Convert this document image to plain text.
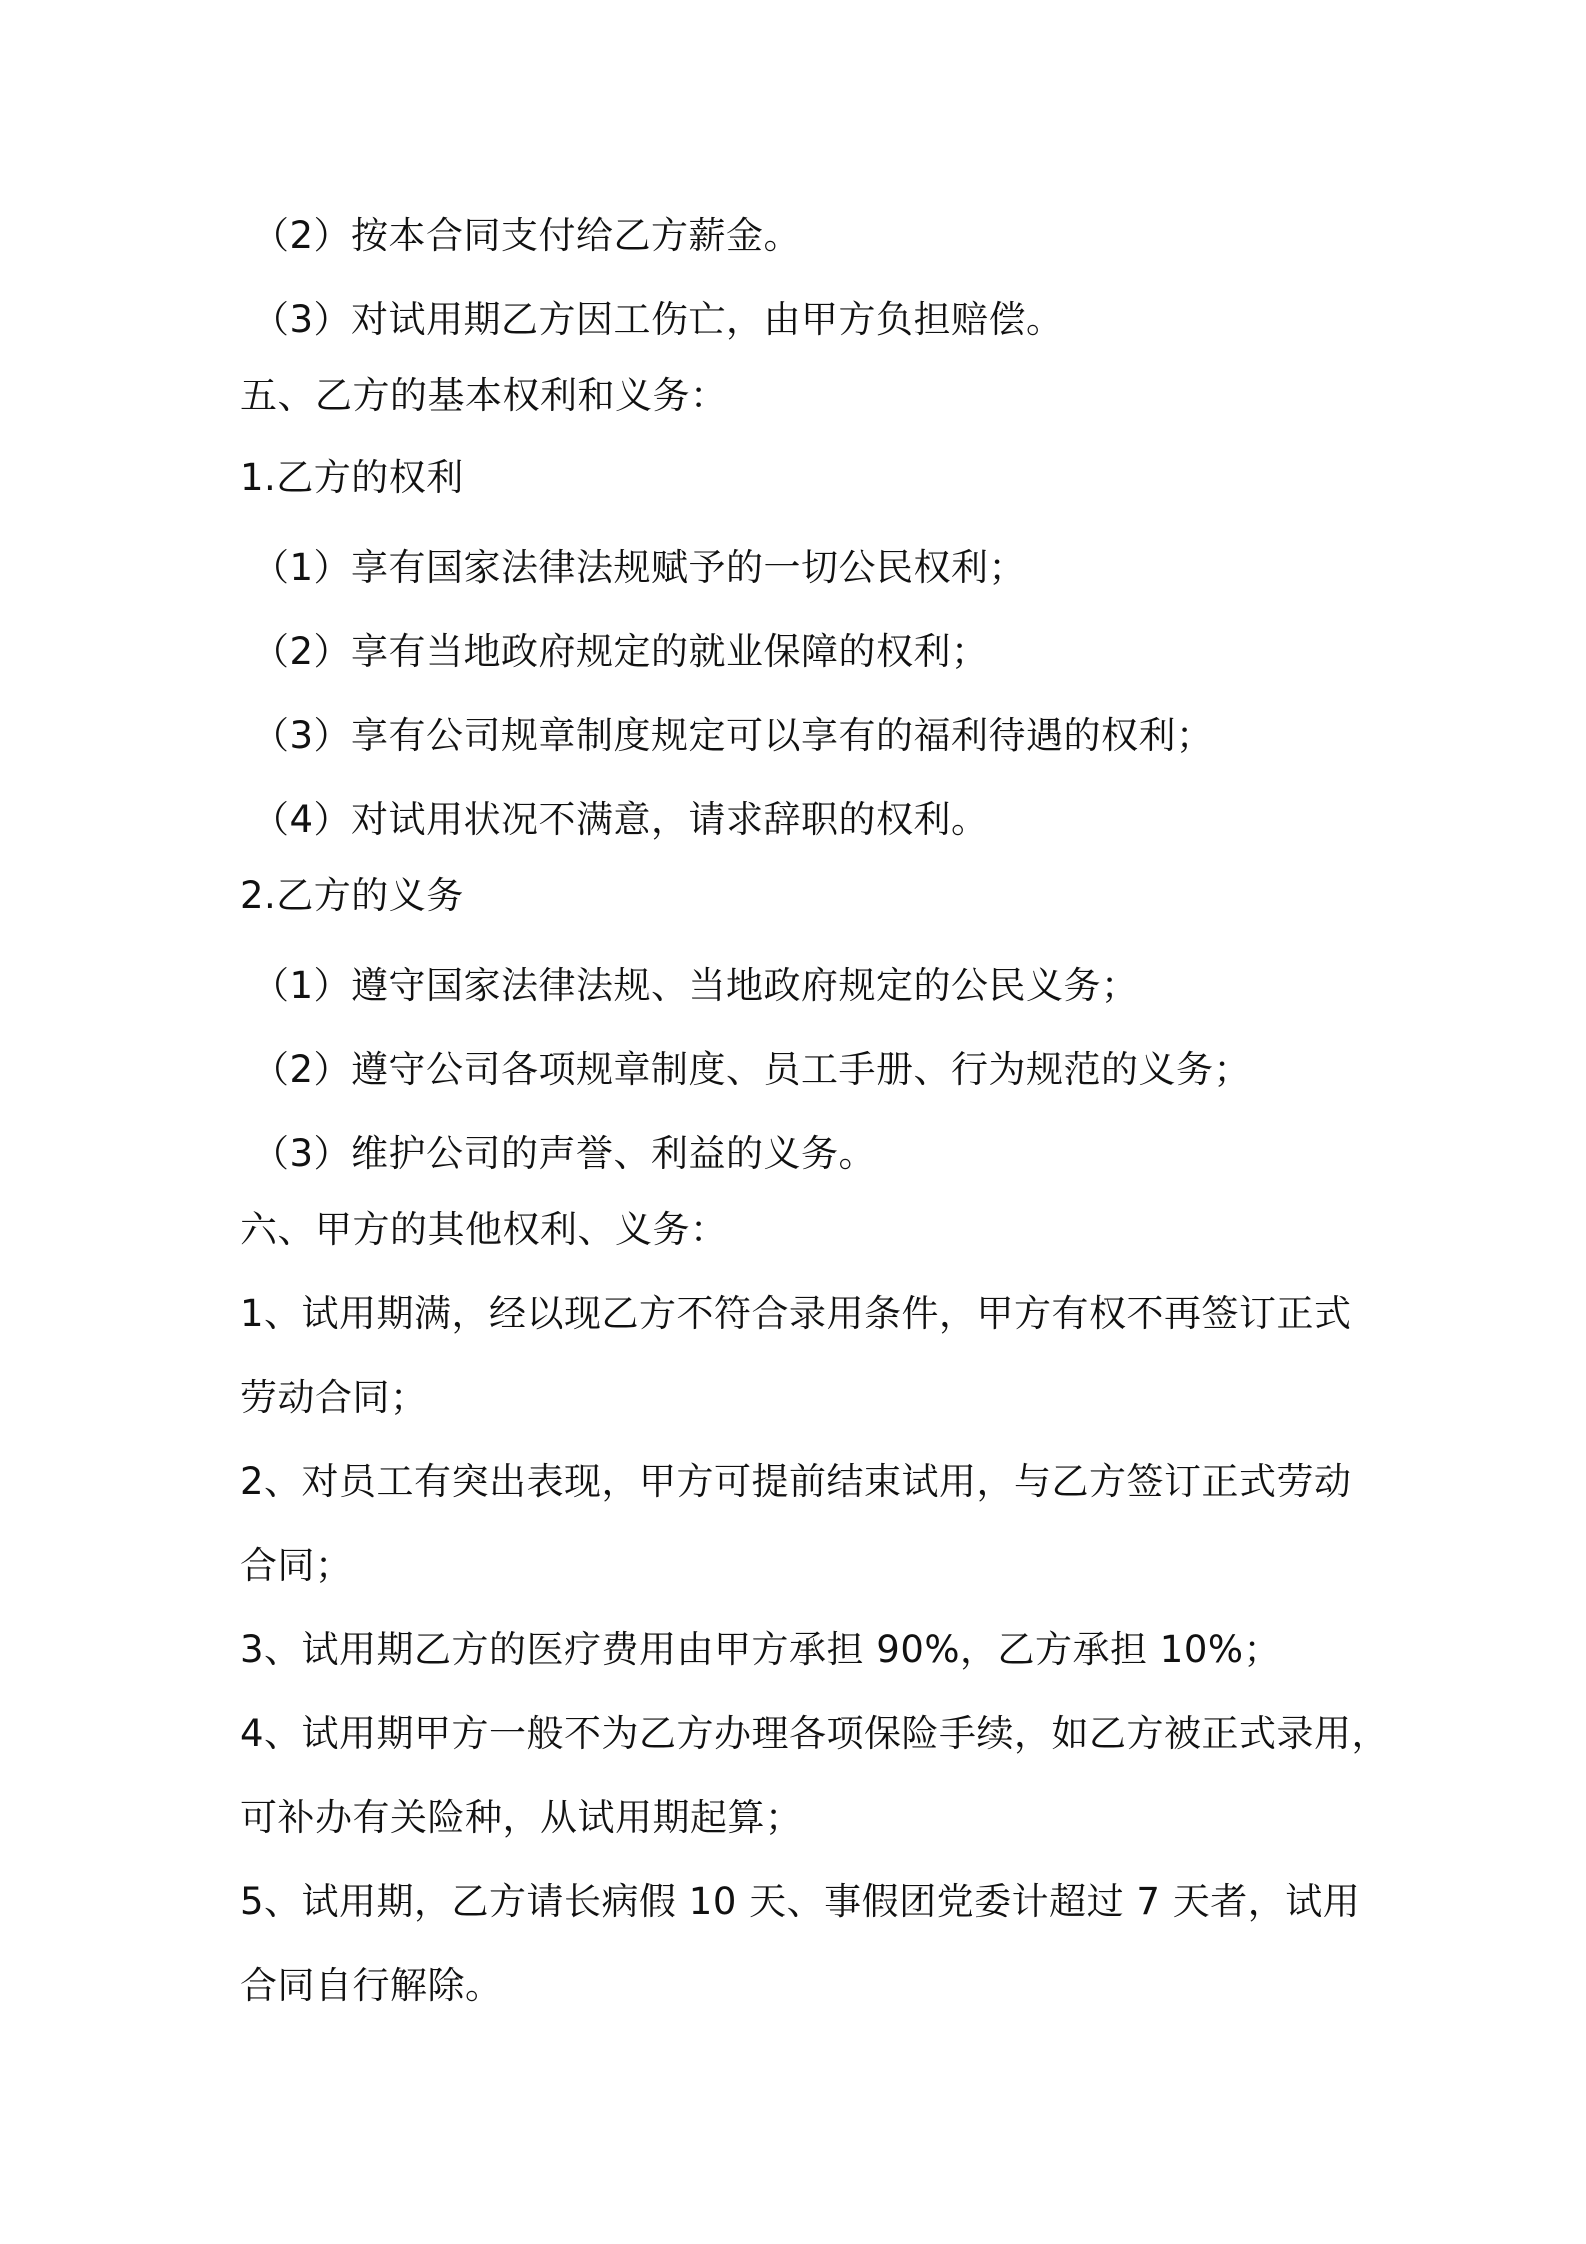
（2）按本合同支付给乙方薪金。
（3）对试用期乙方因工伤亡，由甲方负担赔偿。
五、乙方的基本权利和义务：
1.乙方的权利
（1）享有国家法律法规赋予的一切公民权利；
（2）享有当地政府规定的就业保障的权利；
（3）享有公司规章制度规定可以享有的福利待遇的权利；
（4）对试用状况不满意，请求辞职的权利。
2.乙方的义务
（1）遵守国家法律法规、当地政府规定的公民义务；
（2）遵守公司各项规章制度、员工手册、行为规范的义务；
（3）维护公司的声誉、利益的义务。
六、甲方的其他权利、义务：
1、试用期满，经以现乙方不符合录用条件，甲方有权不再签订正式
劳动合同；
2、对员工有突出表现，甲方可提前结束试用，与乙方签订正式劳动
合同；
3、试用期乙方的医疗费用由甲方承担 90%，乙方承担 10%；
4、试用期甲方一般不为乙方办理各项保险手续，如乙方被正式录用，
可补办有关险种，从试用期起算；
5、试用期，乙方请长病假 10 天、事假团党委计超过 7 天者，试用
合同自行解除。
